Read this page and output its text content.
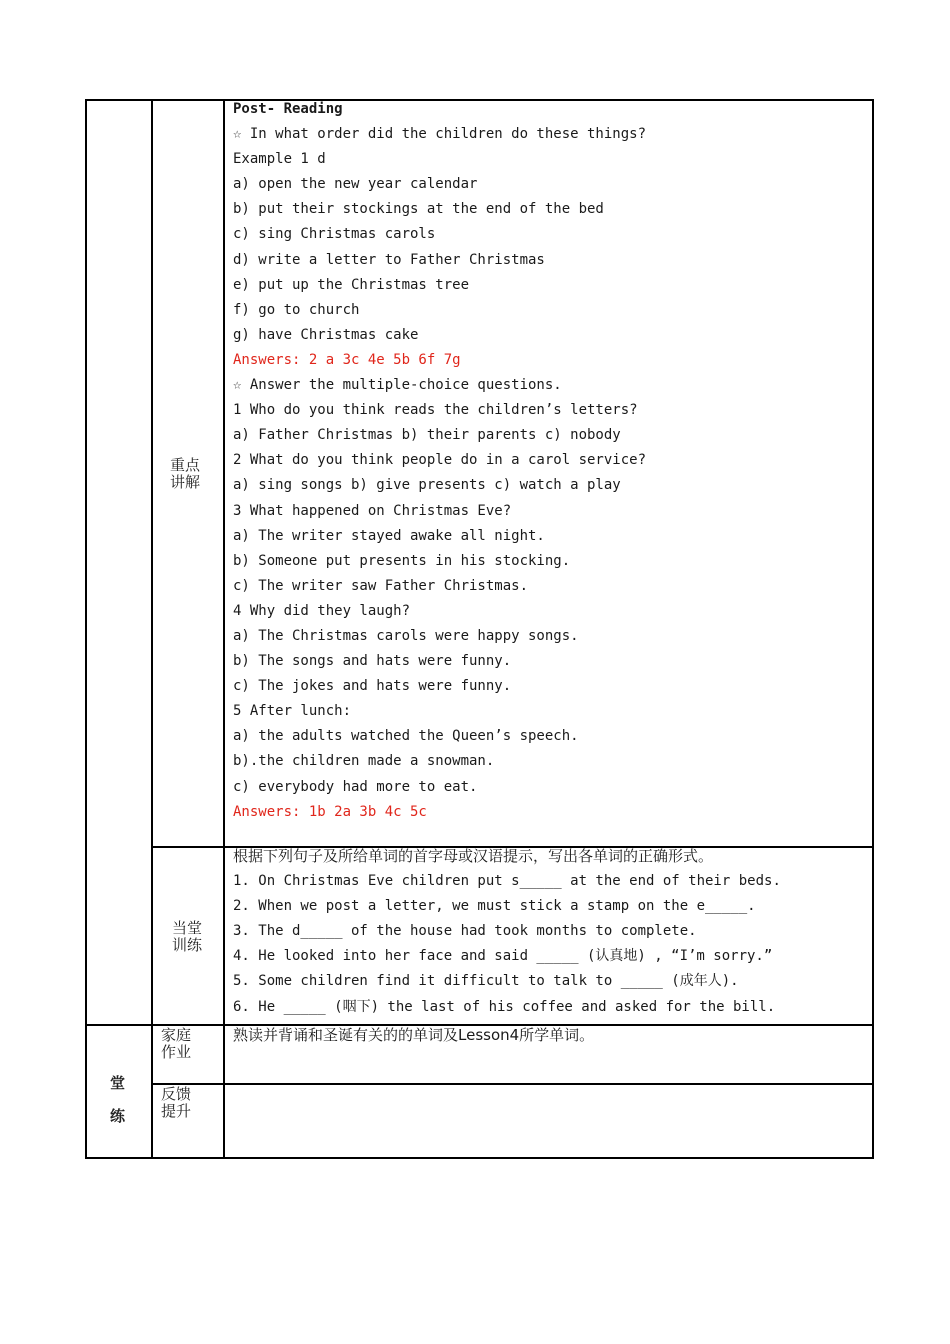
重点
讲解
当堂
训练
堂
练
家庭
作业
反馈
提升
Post- Reading
☆ In what order did the children do these things?
Example 1 d
a) open the new year calendar
b) put their stockings at the end of the bed
c) sing Christmas carols
d) write a letter to Father Christmas
e) put up the Christmas tree
f) go to church
g) have Christmas cake
Answers: 2 a 3c 4e 5b 6f 7g
☆ Answer the multiple-choice questions.
1 Who do you think reads the children’s letters?
a) Father Christmas b) their parents c) nobody
2 What do you think people do in a carol service?
a) sing songs b) give presents c) watch a play
3 What happened on Christmas Eve?
a) The writer stayed awake all night.
b) Someone put presents in his stocking.
c) The writer saw Father Christmas.
4 Why did they laugh?
a) The Christmas carols were happy songs.
b) The songs and hats were funny.
c) The jokes and hats were funny.
5 After lunch:
a) the adults watched the Queen’s speech.
b).the children made a snowman.
c) everybody had more to eat.
Answers: 1b 2a 3b 4c 5c
根据下列句子及所给单词的首字母或汉语提示，写出各单词的正确形式。
1. On Christmas Eve children put s_____ at the end of their beds.
2. When we post a letter, we must stick a stamp on the e_____.
3. The d_____ of the house had took months to complete.
4. He looked into her face and said _____ (认真地) , “I’m sorry.”
5. Some children find it difficult to talk to _____ (成年人).
6. He _____ (咽下) the last of his coffee and asked for the bill.
熟读并背诵和圣诞有关的的单词及Lesson4所学单词。
